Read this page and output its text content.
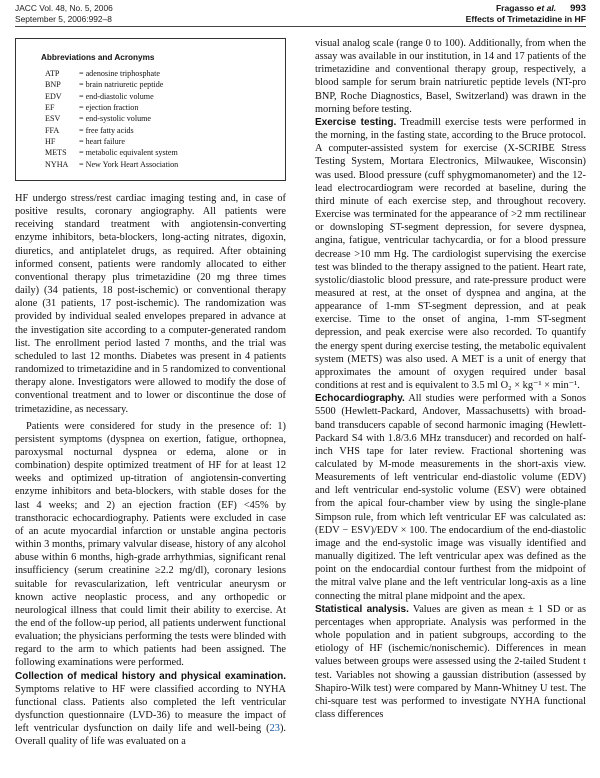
JACC Vol. 48, No. 5, 2006
September 5, 2006:992–8
Fragasso et al. 993
Effects of Trimetazidine in HF
Abbreviations and Acronyms
ATP	= adenosine triphosphate
BNP	= brain natriuretic peptide
EDV	= end-diastolic volume
EF	= ejection fraction
ESV	= end-systolic volume
FFA	= free fatty acids
HF	= heart failure
METS	= metabolic equivalent system
NYHA	= New York Heart Association

HF undergo stress/rest cardiac imaging testing and, in case of positive results, coronary angiography. All patients were receiving standard treatment with angiotensin-converting enzyme inhibitors, beta-blockers, long-acting nitrates, digoxin, diuretics, and antiplatelet drugs, as required. After obtaining informed consent, patients were randomly allocated to either conventional therapy plus trimetazidine (20 mg three times daily) (34 patients, 18 post-ischemic) or conventional therapy alone (31 patients, 17 post-ischemic). The randomization was provided by individual sealed envelopes prepared in advance at the investigation site according to a computer-generated random list. The enrollment period lasted 7 months, and the trial was scheduled to last 12 months. Diabetes was present in 4 patients randomized to trimetazidine and in 5 randomized to conventional therapy alone. Investigators were allowed to modify the dose of conventional treatment and to lower or discontinue the dose of trimetazidine, as necessary.

Patients were considered for study in the presence of: 1) persistent symptoms (dyspnea on exertion, fatigue, orthopnea, paroxysmal nocturnal dyspnea or edema, alone or in combination) despite optimized treatment of HF for at least 12 weeks and optimized up-titration of angiotensin-converting enzyme inhibitors and beta-blockers, with stable doses for the last 4 weeks; and 2) an ejection fraction (EF) <45% by transthoracic echocardiography. Patients were excluded in case of an acute myocardial infarction or unstable angina pectoris within 3 months, primary valvular disease, history of any alcohol abuse within 6 months, high-grade arrhythmias, significant renal insufficiency (serum creatinine ≥2.2 mg/dl), coronary lesions suitable for revascularization, left ventricular aneurysm or known active neoplastic process, and any orthopedic or neurological illness that could limit their ability to exercise. At the end of the follow-up period, all patients underwent functional evaluation; the physicians performing the tests were blinded with regard to the arm to which patients had been assigned. The following examinations were performed.

Collection of medical history and physical examination. Symptoms relative to HF were classified according to NYHA functional class. Patients also completed the left ventricular dysfunction questionnaire (LVD-36) to measure the impact of left ventricular dysfunction on daily life and well-being (23). Overall quality of life was evaluated on a

visual analog scale (range 0 to 100). Additionally, from when the assay was available in our institution, in 14 and 17 patients of the trimetazidine and conventional therapy group, respectively, a blood sample for serum brain natriuretic peptide levels (NT-pro BNP, Roche Diagnostics, Basel, Switzerland) was drawn in the morning before testing.

Exercise testing. Treadmill exercise tests were performed in the morning, in the fasting state, according to the Bruce protocol. A computer-assisted system for exercise (X-SCRIBE Stress Testing System, Mortara Electronics, Milwaukee, Wisconsin) was used. Blood pressure (cuff sphygmomanometer) and the 12-lead electrocardiogram were recorded at baseline, during the third minute of each exercise step, and throughout recovery. Exercise was terminated for the appearance of >2 mm rectilinear or downsloping ST-segment depression, for severe dyspnea, angina, fatigue, ventricular tachycardia, or for a blood pressure decrease >10 mm Hg. The cardiologist supervising the exercise test was blinded to the therapy assigned to the patient. Heart rate, systolic/diastolic blood pressure, and rate-pressure product were measured at rest, at the onset of dyspnea and angina, at the appearance of 1-mm ST-segment depression, and at peak exercise. Time to the onset of angina, 1-mm ST-segment depression, and peak exercise were also recorded. To quantify the energy spent during exercise testing, the metabolic equivalent system (METS) was also used. A MET is a unit of energy that approximates the amount of oxygen required under basal conditions at rest and is equivalent to 3.5 ml O₂ × kg⁻¹ × min⁻¹.

Echocardiography. All studies were performed with a Sonos 5500 (Hewlett-Packard, Andover, Massachusetts) with broad-band transducers capable of second harmonic imaging (Hewlett-Packard S4 with 1.8/3.6 MHz transducer) and recorded on half-inch VHS tape for later review. Fractional shortening was calculated by M-mode measurements in the short-axis view. Measurements of left ventricular end-diastolic volume (EDV) and left ventricular end-systolic volume (ESV) were obtained from the apical four-chamber view by using the single-plane Simpson rule, from which left ventricular EF was calculated as: (EDV − ESV)/EDV × 100. The endocardium of the end-diastolic image and the end-systolic image was visually identified and manually digitized. The left ventricular apex was defined as the point on the endocardial contour furthest from the midpoint of the mitral valve plane and the left ventricular long-axis as a line connecting the mitral plane midpoint and the apex.

Statistical analysis. Values are given as mean ± 1 SD or as percentages when appropriate. Analysis was performed in the whole population and in patient subgroups, according to the etiology of HF (ischemic/nonischemic). Differences in mean values between groups were assessed using the 2-tailed Student t test. Variables not showing a gaussian distribution (assessed by Shapiro-Wilk test) were compared by Mann-Whitney U test. The chi-square test was performed to investigate NYHA functional class differences
